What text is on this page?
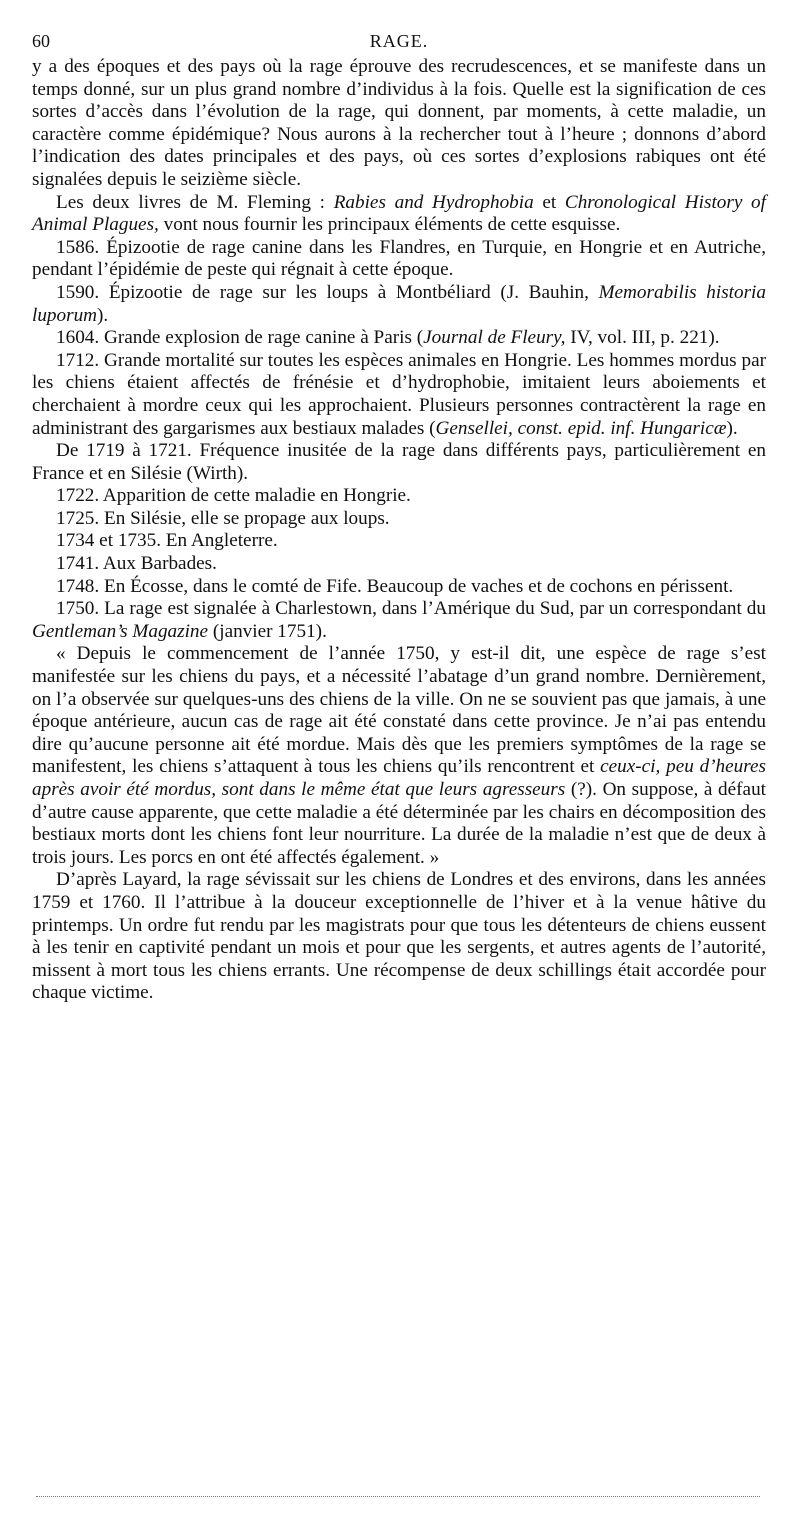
60	RAGE.

y a des époques et des pays où la rage éprouve des recrudescences, et se manifeste dans un temps donné, sur un plus grand nombre d’individus à la fois. Quelle est la signification de ces sortes d’accès dans l’évolution de la rage, qui donnent, par moments, à cette maladie, un caractère comme épidémique? Nous aurons à la rechercher tout à l’heure ; donnons d’abord l’indication des dates principales et des pays, où ces sortes d’explosions rabiques ont été signalées depuis le seizième siècle.

Les deux livres de M. Fleming : Rabies and Hydrophobia et Chronological History of Animal Plagues, vont nous fournir les principaux éléments de cette esquisse.

1586. Épizootie de rage canine dans les Flandres, en Turquie, en Hongrie et en Autriche, pendant l’épidémie de peste qui régnait à cette époque.

1590. Épizootie de rage sur les loups à Montbéliard (J. Bauhin, Memorabilis historia luporum).

1604. Grande explosion de rage canine à Paris (Journal de Fleury, IV, vol. III, p. 221).

1712. Grande mortalité sur toutes les espèces animales en Hongrie. Les hommes mordus par les chiens étaient affectés de frénésie et d’hydrophobie, imitaient leurs aboiements et cherchaient à mordre ceux qui les approchaient. Plusieurs personnes contractèrent la rage en administrant des gargarismes aux bestiaux malades (Gensellei, const. epid. inf. Hungaricæ).

De 1719 à 1721. Fréquence inusitée de la rage dans différents pays, particulièrement en France et en Silésie (Wirth).

1722. Apparition de cette maladie en Hongrie.

1725. En Silésie, elle se propage aux loups.

1734 et 1735. En Angleterre.

1741. Aux Barbades.

1748. En Écosse, dans le comté de Fife. Beaucoup de vaches et de cochons en périssent.

1750. La rage est signalée à Charlestown, dans l’Amérique du Sud, par un correspondant du Gentleman’s Magazine (janvier 1751).

« Depuis le commencement de l’année 1750, y est-il dit, une espèce de rage s’est manifestée sur les chiens du pays, et a nécessité l’abatage d’un grand nombre. Dernièrement, on l’a observée sur quelques-uns des chiens de la ville. On ne se souvient pas que jamais, à une époque antérieure, aucun cas de rage ait été constaté dans cette province. Je n’ai pas entendu dire qu’aucune personne ait été mordue. Mais dès que les premiers symptômes de la rage se manifestent, les chiens s’attaquent à tous les chiens qu’ils rencontrent et ceux-ci, peu d’heures après avoir été mordus, sont dans le même état que leurs agresseurs (?). On suppose, à défaut d’autre cause apparente, que cette maladie a été déterminée par les chairs en décomposition des bestiaux morts dont les chiens font leur nourriture. La durée de la maladie n’est que de deux à trois jours. Les porcs en ont été affectés également. »

D’après Layard, la rage sévissait sur les chiens de Londres et des environs, dans les années 1759 et 1760. Il l’attribue à la douceur exceptionnelle de l’hiver et à la venue hâtive du printemps. Un ordre fut rendu par les magistrats pour que tous les détenteurs de chiens eussent à les tenir en captivité pendant un mois et pour que les sergents, et autres agents de l’autorité, missent à mort tous les chiens errants. Une récompense de deux schillings était accordée pour chaque victime.
